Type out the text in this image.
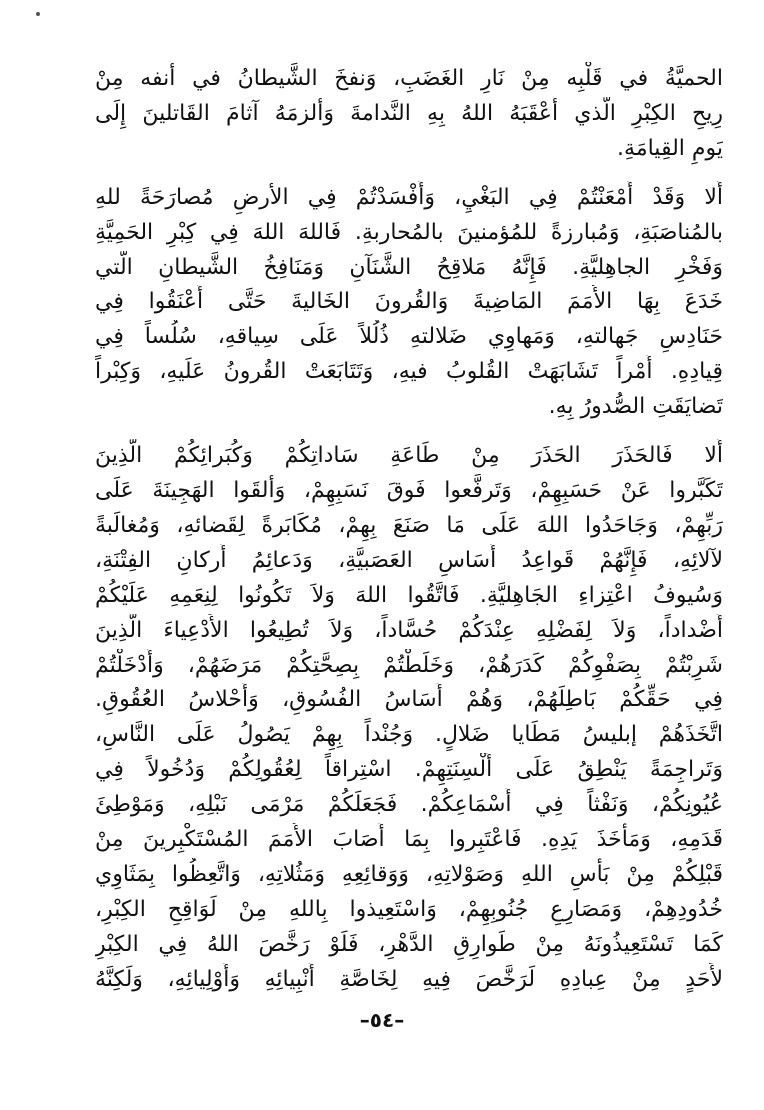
الحميَّةُ في قَلْبِه مِنْ نَارِ الغَضَبِ، وَنفخَ الشَّيطانُ في أنفه مِنْ
رِيحِ الكِبْرِ الَّذي أعْقَبَهُ اللهُ بِهِ النَّدامةَ وَألزمَهُ آثامَ القَاتلينَ إِلَى
يَومِ القِيامَةِ.
أَلا وَقَدْ أَمْعَنْتُمْ فِي البَغْيِ، وَأَفْسَدْتُمْ فِي الأرضِ مُصارَحَةً للهِ
بالمُناصَبَةِ، وَمُبارزةً للمُؤمنينَ بالمُحاربةِ. فَاللهَ اللهَ فِي كِبْرِ الحَمِيَّةِ
وَفَخْرِ الجاهِليَّةِ. فَإِنَّهُ مَلاقِحُ الشَّنَآنِ وَمَنَافِخُ الشَّيطانِ الَّتي
خَدَعَ بِهَا الأُمَمَ المَاضِيةَ وَالقُرونَ الخَاليةَ حَتَّى أَعْنَقُوا فِي
حَنَادِسِ جَهالتهِ، وَمَهاوِي ضَلالتهِ ذُلُلاً عَلَى سِياقهِ، سُلُساً فِي
قِيادِهِ. أَمْراً تَشَابَهَتْ القُلوبُ فيهِ، وَتَتَابَعَتْ القُرونُ عَلَيهِ، وَكِبْراً
تَضايَقَتِ الصُّدورُ بِهِ.
أَلا فَالحَذَرَ الحَذَرَ مِنْ طَاعَةِ سَاداتِكُمْ وَكُبَرائِكُمْ الَّذِينَ
تَكَبَّروا عَنْ حَسَبِهِمْ، وَتَرفَّعوا فَوقَ نَسَبِهِمْ، وَألقَوا الهَجِينَةَ عَلَى
رَبِّهِمْ، وَجَاحَدُوا اللهَ عَلَى مَا صَنَعَ بِهِمْ، مُكَابَرةً لِقَضائهِ، وَمُغالَبةً
لآلائِهِ، فَإِنَّهُمْ قَواعِدُ أَسَاسِ العَصَبيَّةِ، وَدَعائِمُ أَركانِ الفِتْنَةِ،
وَسُيوفُ اعْتِزاءِ الجَاهِليَّةِ. فَاتَّقُوا اللهَ وَلاَ تَكُونُوا لِنِعَمِهِ عَلَيْكُمْ
أَضْداداً، وَلاَ لِفَضْلِهِ عِنْدَكُمْ حُسَّاداً، وَلاَ تُطِيعُوا الأَدْعِياءَ الَّذِينَ
شَرِبْتُمْ بِصَفْوِكُمْ كَدَرَهُمْ، وَخَلَطْتُمْ بِصِحَّتِكُمْ مَرَضَهُمْ، وَأَدْخَلْتُمْ
فِي حَقِّكُمْ بَاطِلَهُمْ، وَهُمْ أَسَاسُ الفُسُوقِ، وَأَحْلاسُ العُقُوقِ.
اتَّخَذَهُمْ إبليسُ مَطَايا ضَلالٍ. وَجُنْداً بِهِمْ يَصُولُ عَلَى النَّاسِ،
وَتَراجِمَةً يَنْطِقُ عَلَى أَلْسِنَتِهِمْ. اسْتِراقاً لِعُقُولِكُمْ وَدُخُولاً فِي
عُيُونِكُمْ، وَنَفْثاً فِي أَسْمَاعِكُمْ. فَجَعَلَكُمْ مَرْمَى نَبْلِهِ، وَمَوْطِئَ
قَدَمِهِ، وَمَأْخَذَ يَدِهِ. فَاعْتَبِروا بِمَا أَصَابَ الأُمَمَ المُسْتَكْبِرينَ مِنْ
قَبْلِكُمْ مِنْ بَأْسِ اللهِ وَصَوْلاتِهِ، وَوَقائِعِهِ وَمَثُلاتِهِ، وَاتَّعِظُوا بِمَثَاوِي
خُدُودِهِمْ، وَمَصَارِعِ جُنُوبِهِمْ، وَاسْتَعِيذوا بِاللهِ مِنْ لَوَاقِحِ الكِبْرِ،
كَمَا تَسْتَعِيذُونَهُ مِنْ طَوارِقِ الدَّهْرِ، فَلَوْ رَخَّصَ اللهُ فِي الكِبْرِ
لأَحَدٍ مِنْ عِبادِهِ لَرَخَّصَ فِيهِ لِخَاصَّةِ أَنْبِيائِهِ وَأَوْلِيائِهِ، وَلَكِنَّهُ
–٥٤–
